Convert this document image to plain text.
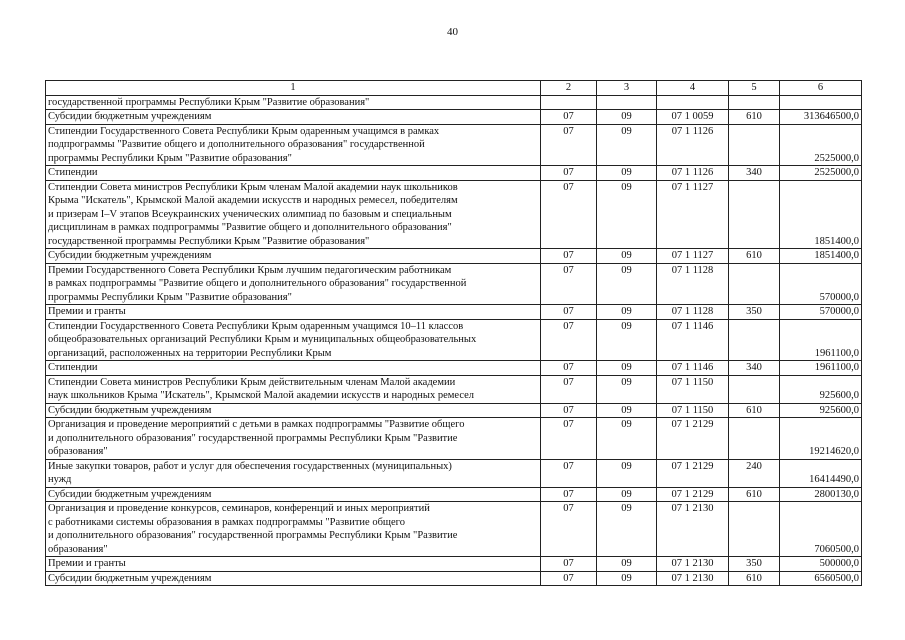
40
1	2	3	4	5	6
государственной программы Республики Крым "Развитие образования"					
Субсидии бюджетным учреждениям	07	09	07 1 0059	610	313646500,0
Стипендии Государственного Совета Республики Крым одаренным учащимся в рамках
подпрограммы "Развитие общего и дополнительного образования" государственной
программы Республики Крым "Развитие образования"	07	09	07 1 1126		2525000,0
Стипендии	07	09	07 1 1126	340	2525000,0
Стипендии Совета министров Республики Крым членам Малой академии наук школьников
Крыма "Искатель", Крымской Малой академии искусств и народных ремесел, победителям
и призерам I–V этапов Всеукраинских ученических олимпиад по базовым и специальным
дисциплинам в рамках подпрограммы "Развитие общего и дополнительного образования"
государственной программы Республики Крым "Развитие образования"	07	09	07 1 1127		1851400,0
Субсидии бюджетным учреждениям	07	09	07 1 1127	610	1851400,0
Премии Государственного Совета Республики Крым лучшим педагогическим работникам
в рамках подпрограммы "Развитие общего и дополнительного образования" государственной
программы Республики Крым "Развитие образования"	07	09	07 1 1128		570000,0
Премии и гранты	07	09	07 1 1128	350	570000,0
Стипендии Государственного Совета Республики Крым одаренным учащимся 10–11 классов
общеобразовательных организаций Республики Крым и муниципальных общеобразовательных
организаций, расположенных на территории Республики Крым	07	09	07 1 1146		1961100,0
Стипендии	07	09	07 1 1146	340	1961100,0
Стипендии Совета министров Республики Крым действительным членам Малой академии
наук школьников Крыма "Искатель", Крымской Малой академии искусств и народных ремесел	07	09	07 1 1150		925600,0
Субсидии бюджетным учреждениям	07	09	07 1 1150	610	925600,0
Организация и проведение мероприятий с детьми в рамках подпрограммы "Развитие общего
и дополнительного образования" государственной программы Республики Крым "Развитие
образования"	07	09	07 1 2129		19214620,0
Иные закупки товаров, работ и услуг для обеспечения государственных (муниципальных)
нужд	07	09	07 1 2129	240	16414490,0
Субсидии бюджетным учреждениям	07	09	07 1 2129	610	2800130,0
Организация и проведение конкурсов, семинаров, конференций и иных мероприятий
с работниками системы образования в рамках подпрограммы "Развитие общего
и дополнительного образования" государственной программы Республики Крым "Развитие
образования"	07	09	07 1 2130		7060500,0
Премии и гранты	07	09	07 1 2130	350	500000,0
Субсидии бюджетным учреждениям	07	09	07 1 2130	610	6560500,0
